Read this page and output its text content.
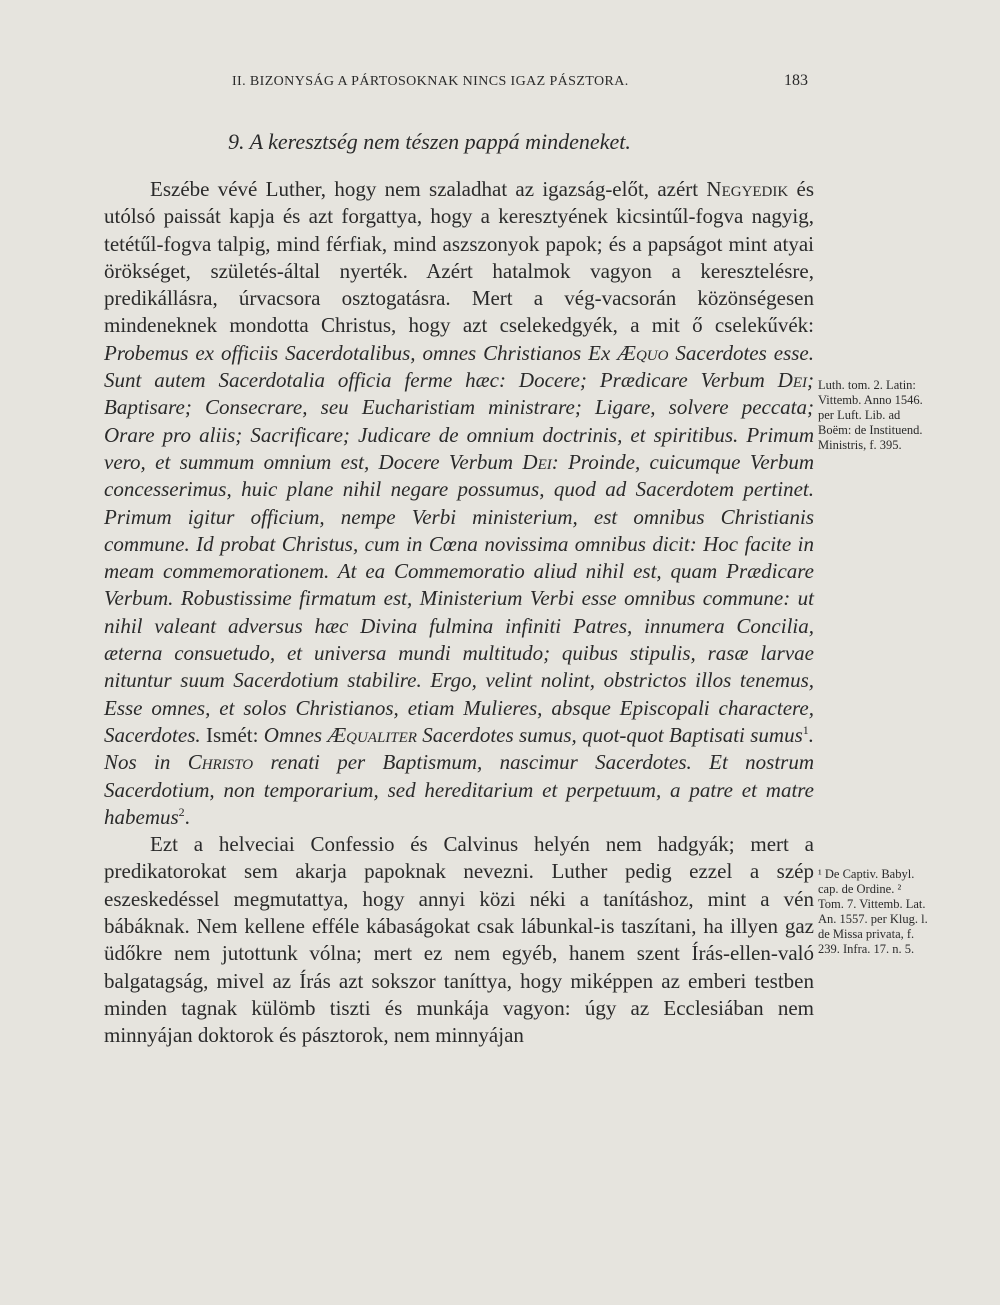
II. BIZONYSÁG A PÁRTOSOKNAK NINCS IGAZ PÁSZTORA.	183
9. A keresztség nem tészen pappá mindeneket.

Eszébe vévé Luther, hogy nem szaladhat az igazság-előt, azért Negyedik és utólsó paissát kapja és azt forgattya, hogy a keresztyének kicsintűl-fogva nagyig, tetétűl-fogva talpig, mind férfiak, mind aszszonyok papok; és a papságot mint atyai örökséget, születés-által nyerték. Azért hatalmok vagyon a keresztelésre, predikállásra, úrvacsora osztogatásra. Mert a vég-vacsorán közönségesen mindeneknek mondotta Christus, hogy azt cselekedgyék, a mit ő cselekűvék: Probemus ex officiis Sacerdotalibus, omnes Christianos Ex Æquo Sacerdotes esse. Sunt autem Sacerdotalia officia ferme hæc: Docere; Prædicare Verbum Dei; Baptisare; Consecrare, seu Eucharistiam ministrare; Ligare, solvere peccata; Orare pro aliis; Sacrificare; Judicare de omnium doctrinis, et spiritibus. Primum vero, et summum omnium est, Docere Verbum Dei: Proinde, cuicumque Verbum concesserimus, huic plane nihil negare possumus, quod ad Sacerdotem pertinet. Primum igitur officium, nempe Verbi ministerium, est omnibus Christianis commune. Id probat Christus, cum in Cœna novissima omnibus dicit: Hoc facite in meam commemorationem. At ea Commemoratio aliud nihil est, quam Prædicare Verbum. Robustissime firmatum est, Ministerium Verbi esse omnibus commune: ut nihil valeant adversus hæc Divina fulmina infiniti Patres, innumera Concilia, æterna consuetudo, et universa mundi multitudo; quibus stipulis, rasæ larvae nituntur suum Sacerdotium stabilire. Ergo, velint nolint, obstrictos illos tenemus, Esse omnes, et solos Christianos, etiam Mulieres, absque Episcopali charactere, Sacerdotes. Ismét: Omnes Æqualiter Sacerdotes sumus, quot-quot Baptisati sumus$^1$. Nos in Christo renati per Baptismum, nascimur Sacerdotes. Et nostrum Sacerdotium, non temporarium, sed hereditarium et perpetuum, a patre et matre habemus$^2$.

Ezt a helveciai Confessio és Calvinus helyén nem hadgyák; mert a predikatorokat sem akarja papoknak nevezni. Luther pedig ezzel a szép eszeskedéssel megmutattya, hogy annyi közi néki a tanításhoz, mint a vén bábáknak. Nem kellene efféle kábaságokat csak lábunkal-is taszítani, ha illyen gaz üdőkre nem jutottunk vólna; mert ez nem egyéb, hanem szent Írás-ellen-való balgatagság, mivel az Írás azt sokszor taníttya, hogy miképpen az emberi testben minden tagnak külömb tiszti és munkája vagyon: úgy az Ecclesiában nem minnyájan doktorok és pásztorok, nem minnyájan

Luth. tom. 2. Latin: Vittemb. Anno 1546. per Luft. Lib. ad Boëm: de Instituend. Ministris, f. 395.
¹ De Captiv. Babyl. cap. de Ordine. ² Tom. 7. Vittemb. Lat. An. 1557. per Klug. l. de Missa privata, f. 239. Infra. 17. n. 5.
